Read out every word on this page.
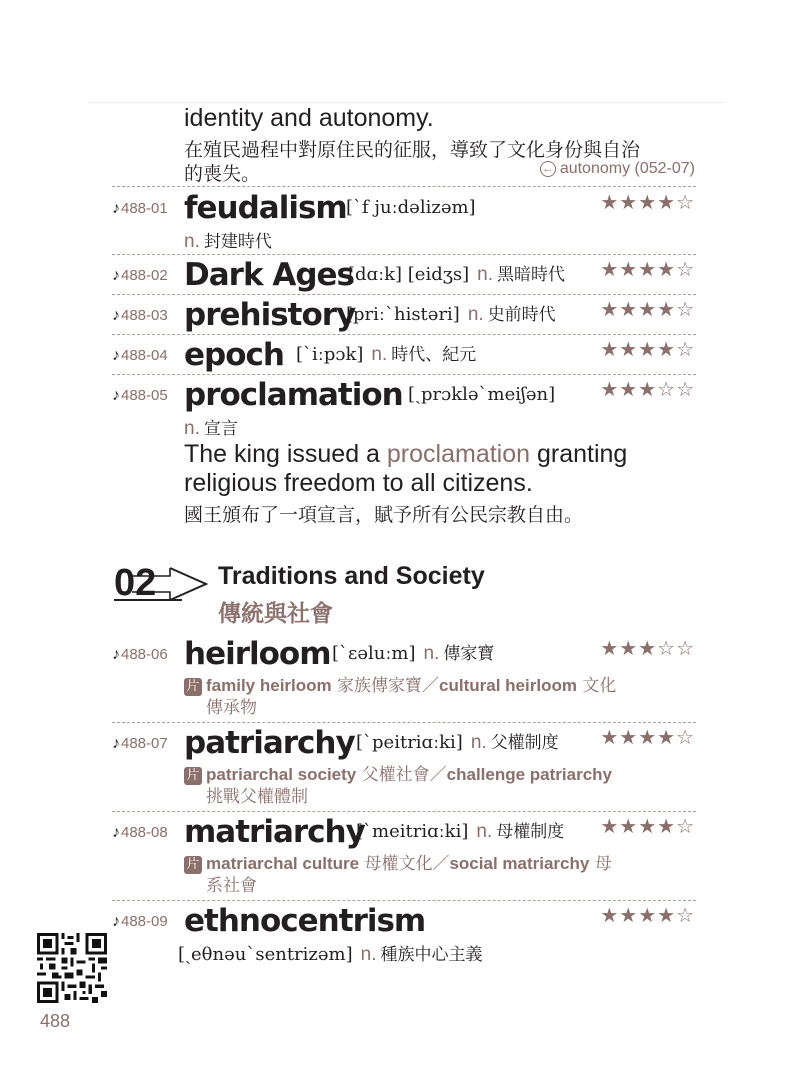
identity and autonomy.
在殖民過程中對原住民的征服，導致了文化身份與自治
的喪失。	← autonomy (052-07)
♪488-01 feudalism [ˋf juːdəlizəm]	★★★★☆
n. 封建時代
♪488-02 Dark Ages
[dɑːk] [eidʒs] n. 黑暗時代 ★★★★☆
♪488-03 prehistory
[priːˋhistəri] n. 史前時代 ★★★★☆
♪488-04 epoch [ˋiːpɔk] n. 時代、紀元	★★★★☆
♪488-05 proclamation [ˏprɔkləˋmeiʃən] ★★★☆☆
n. 宣言
The king issued a proclamation granting religious freedom to all citizens.
國王頒布了一項宣言，賦予所有公民宗教自由。
02 Traditions and Society
傳統與社會
♪488-06 heirloom [ˋɛəluːm] n. 傳家寶	★★★☆☆
片 family heirloom 家族傳家寶／cultural heirloom 文化
傳承物
♪488-07 patriarchy [ˋpeitriɑːki] n. 父權制度 ★★★★☆
片 patriarchal society 父權社會／challenge patriarchy
挑戰父權體制
♪488-08 matriarchy
[ˋmeitriɑːki] n. 母權制度 ★★★★☆
片 matriarchal culture 母權文化／social matriarchy 母
系社會
♪488-09 ethnocentrism	★★★★☆
[ˏeθnəuˋsentrizəm] n. 種族中心主義
488
